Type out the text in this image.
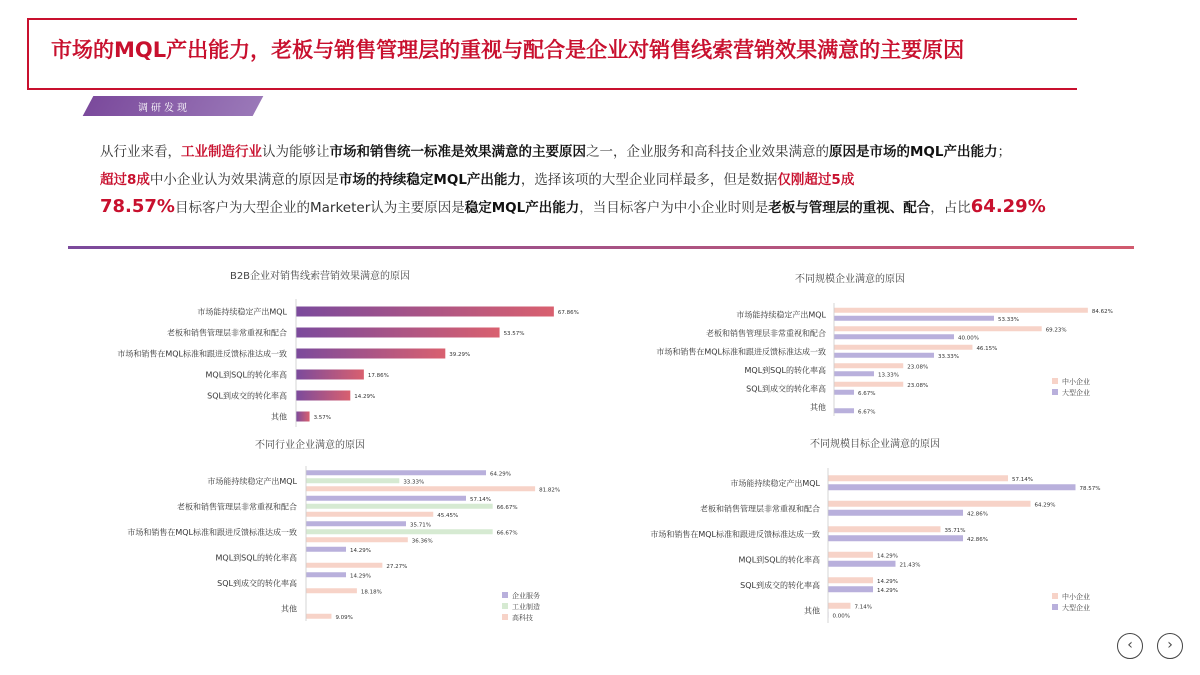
市场的MQL产出能力，老板与销售管理层的重视与配合是企业对销售线索营销效果满意的主要原因
调研发现
从行业来看，工业制造行业认为能够让市场和销售统一标准是效果满意的主要原因之一，企业服务和高科技企业效果满意的原因是市场的MQL产出能力；
超过8成中小企业认为效果满意的原因是市场的持续稳定MQL产出能力，选择该项的大型企业同样最多，但是数据仅刚超过5成
78.57%目标客户为大型企业的Marketer认为主要原因是稳定MQL产出能力，当目标客户为中小企业时则是老板与管理层的重视、配合，占比64.29%
B2B企业对销售线索营销效果满意的原因
市场能持续稳定产出MQL	67.86%
老板和销售管理层非常重视和配合	53.57%
市场和销售在MQL标准和跟进反馈标准达成一致	39.29%
MQL到SQL的转化率高	17.86%
SQL到成交的转化率高	14.29%
其他	3.57%
不同规模企业满意的原因
市场能持续稳定产出MQL	84.62%
53.33%
老板和销售管理层非常重视和配合	69.23%
40.00%
市场和销售在MQL标准和跟进反馈标准达成一致	46.15%
33.33%
MQL到SQL的转化率高	23.08%
13.33%
SQL到成交的转化率高	23.08%
6.67%
其他
6.67%
中小企业
大型企业
不同行业企业满意的原因
市场能持续稳定产出MQL
64.29%
33.33%
81.82%
老板和销售管理层非常重视和配合
57.14%
66.67%
45.45%
市场和销售在MQL标准和跟进反馈标准达成一致
35.71%
66.67%
36.36%
MQL到SQL的转化率高
14.29%
27.27%
SQL到成交的转化率高
14.29%
18.18%
其他
9.09%
企业服务
工业制造
高科技
不同规模目标企业满意的原因
市场能持续稳定产出MQL	57.14%
78.57%
老板和销售管理层非常重视和配合	64.29%
42.86%
市场和销售在MQL标准和跟进反馈标准达成一致	35.71%
42.86%
MQL到SQL的转化率高	14.29%
21.43%
SQL到成交的转化率高	14.29%
14.29%
其他	7.14%
0.00%
中小企业
大型企业
‹	›
